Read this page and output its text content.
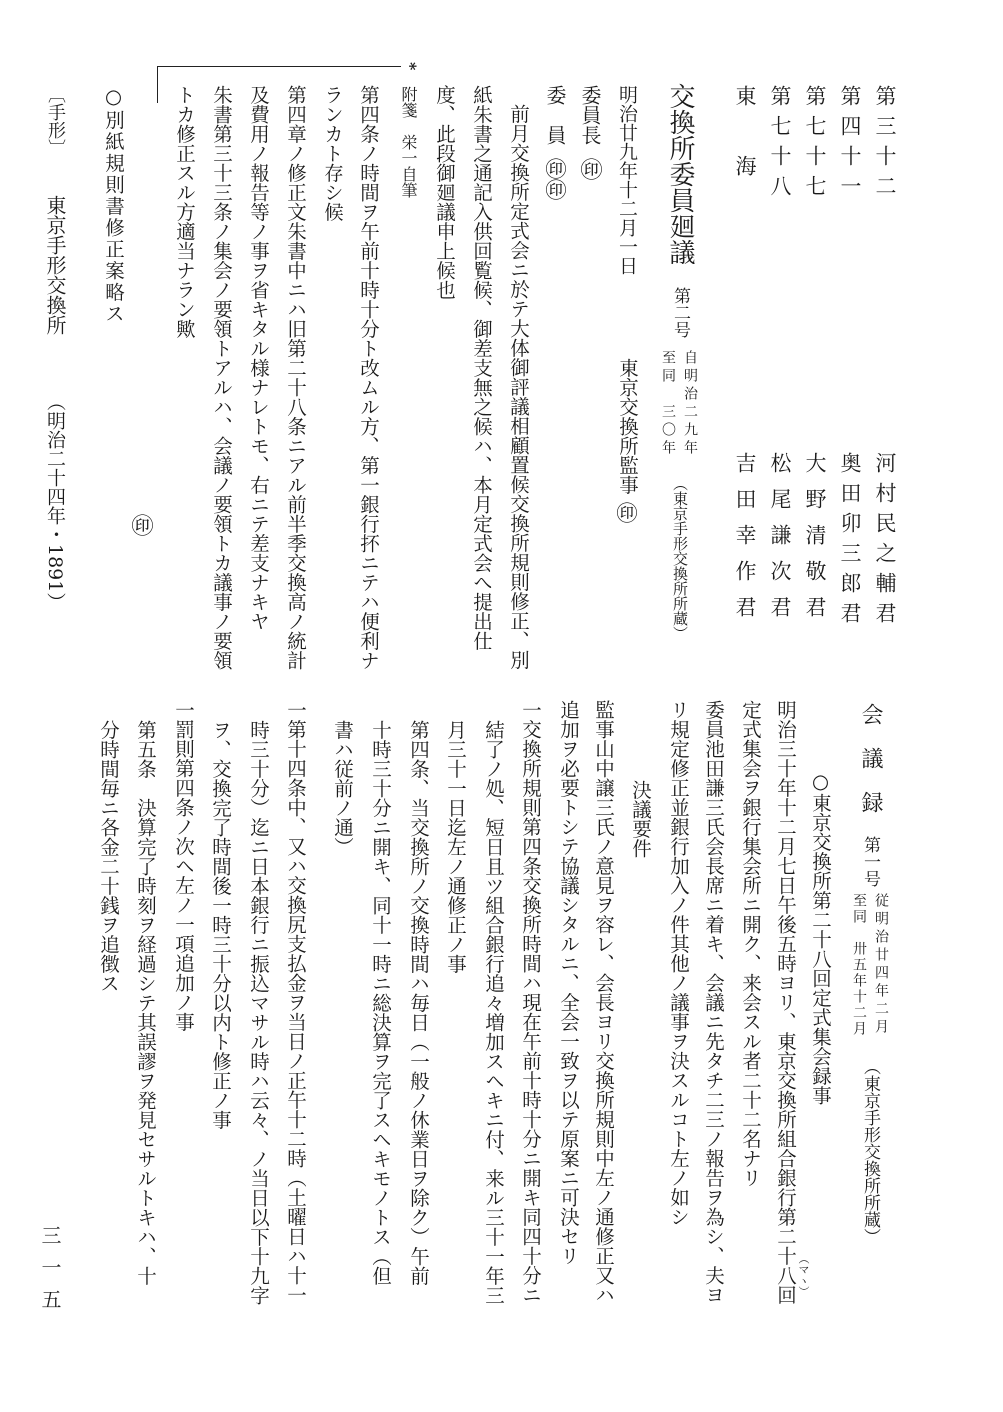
第三十二
河村民之輔君
第四十一
奥田卯三郎君
第七十七
大野清敬君
第七十八
松尾謙次君
東海
吉田幸作君
交換所委員廻議
第二号
自明治二九年
至同　三〇年
（東京手形交換所所蔵）
明治廿九年十二月一日
東京交換所監事
㊞
委員長
㊞
委　員
㊞㊞
前月交換所定式会ニ於テ大体御評議相顧置候交換所規則修正、別
紙朱書之通記入供回覧候、御差支無之候ハ、本月定式会へ提出仕
度、此段御廻議申上候也
*
附箋　栄一自筆
第四条ノ時間ヲ午前十時十分ト改ムル方、第一銀行抔ニテハ便利ナ
ランカト存シ候
第四章ノ修正文朱書中ニハ旧第二十八条ニアル前半季交換高ノ統計
及費用ノ報告等ノ事ヲ省キタル様ナレトモ、右ニテ差支ナキヤ
朱書第三十三条ノ集会ノ要領トアルハ、会議ノ要領トカ議事ノ要領
トカ修正スル方適当ナラン歟
㊞
○別紙規則書修正案略ス
〔手形〕
東京手形交換所
（明治二十四年・1891）
会　議　録
第一号
従明治廿四年二月
至同　卅五年十二月
（東京手形交換所所蔵）
○東京交換所第二十八回定式集会録事
明治三十年十二月七日午後五時ヨリ、東京交換所組合銀行第二十八回 （マヽ）
定式集会ヲ銀行集会所ニ開ク、来会スル者二十二名ナリ
委員池田謙三氏会長席ニ着キ、会議ニ先タチ二三ノ報告ヲ為シ、夫ヨ
リ規定修正並銀行加入ノ件其他ノ議事ヲ決スルコト左ノ如シ
決議要件
監事山中譲三氏ノ意見ヲ容レ、会長ヨリ交換所規則中左ノ通修正又ハ
追加ヲ必要トシテ協議シタルニ、全会一致ヲ以テ原案ニ可決セリ
一交換所規則第四条交換所時間ハ現在午前十時十分ニ開キ同四十分ニ
結了ノ処、短日且ツ組合銀行追々増加スヘキニ付、来ル三十一年三
月三十一日迄左ノ通修正ノ事
第四条、当交換所ノ交換時間ハ毎日（一般ノ休業日ヲ除ク）午前
十時三十分ニ開キ、同十一時ニ総決算ヲ完了スヘキモノトス（但
書ハ従前ノ通）
一第十四条中、又ハ交換尻支払金ヲ当日ノ正午十二時（土曜日ハ十一
時三十分）迄ニ日本銀行ニ振込マサル時ハ云々、ノ当日以下十九字
ヲ、交換完了時間後一時三十分以内ト修正ノ事
一罰則第四条ノ次ヘ左ノ一項追加ノ事
第五条　決算完了時刻ヲ経過シテ其誤謬ヲ発見セサルトキハ、十
分時間毎ニ各金二十銭ヲ追徴ス
三一五
